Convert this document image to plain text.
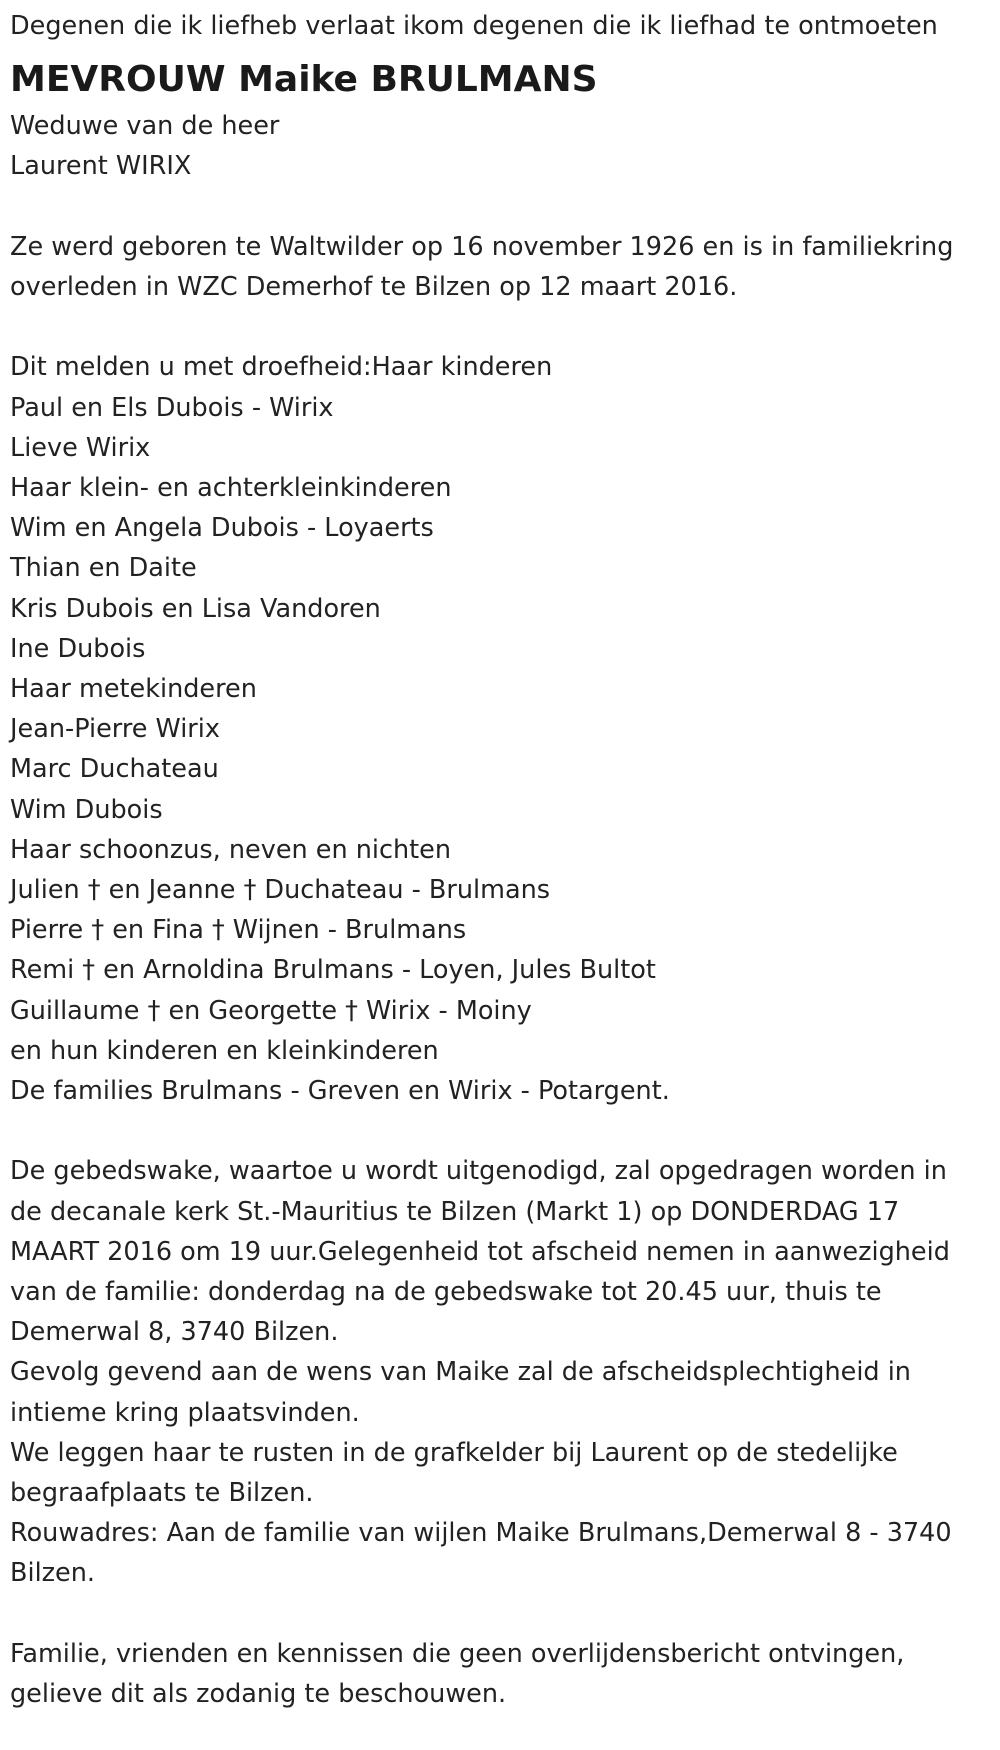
Degenen die ik liefheb verlaat ikom degenen die ik liefhad te ontmoeten
MEVROUW Maike BRULMANS
Weduwe van de heer
Laurent WIRIX
Ze werd geboren te Waltwilder op 16 november 1926 en is in familiekring
overleden in WZC Demerhof te Bilzen op 12 maart 2016.
Dit melden u met droefheid:Haar kinderen
Paul en Els Dubois - Wirix
Lieve Wirix
Haar klein- en achterkleinkinderen
Wim en Angela Dubois - Loyaerts
Thian en Daite
Kris Dubois en Lisa Vandoren
Ine Dubois
Haar metekinderen
Jean-Pierre Wirix
Marc Duchateau
Wim Dubois
Haar schoonzus, neven en nichten
Julien † en Jeanne † Duchateau - Brulmans
Pierre † en Fina † Wijnen - Brulmans
Remi † en Arnoldina Brulmans - Loyen, Jules Bultot
Guillaume † en Georgette † Wirix - Moiny
en hun kinderen en kleinkinderen
De families Brulmans - Greven en Wirix - Potargent.
De gebedswake, waartoe u wordt uitgenodigd, zal opgedragen worden in
de decanale kerk St.-Mauritius te Bilzen (Markt 1) op DONDERDAG 17
MAART 2016 om 19 uur.Gelegenheid tot afscheid nemen in aanwezigheid
van de familie: donderdag na de gebedswake tot 20.45 uur, thuis te
Demerwal 8, 3740 Bilzen.
Gevolg gevend aan de wens van Maike zal de afscheidsplechtigheid in
intieme kring plaatsvinden.
We leggen haar te rusten in de grafkelder bij Laurent op de stedelijke
begraafplaats te Bilzen.
Rouwadres: Aan de familie van wijlen Maike Brulmans,Demerwal 8 - 3740
Bilzen.
Familie, vrienden en kennissen die geen overlijdensbericht ontvingen,
gelieve dit als zodanig te beschouwen.
